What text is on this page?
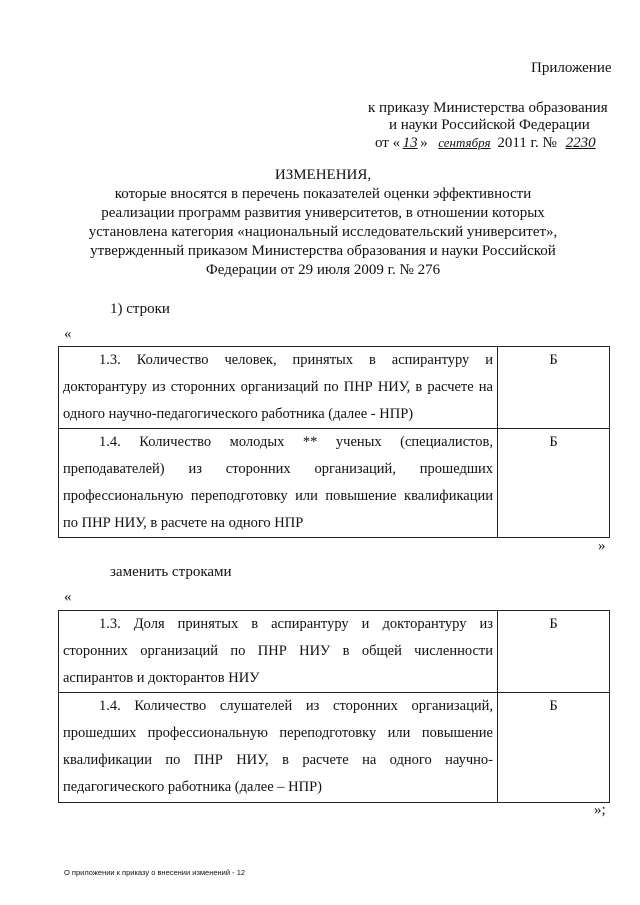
Приложение
к приказу Министерства образования
и науки Российской Федерации
от « 13 » сентября 2011 г. № 2230
ИЗМЕНЕНИЯ,
которые вносятся в перечень показателей оценки эффективности
реализации программ развития университетов, в отношении которых
установлена категория «национальный исследовательский университет»,
утвержденный приказом Министерства образования и науки Российской
Федерации от 29 июля 2009 г. № 276
1) строки
«

1.3. Количество человек, принятых в аспирантуру и докторантуру из сторонних организаций по ПНР НИУ, в расчете на одного научно-педагогического работника (далее - НПР)	Б

1.4. Количество молодых ** ученых (специалистов, преподавателей) из сторонних организаций, прошедших профессиональную переподготовку или повышение квалификации по ПНР НИУ, в расчете на одного НПР	Б
»
заменить строками
«

1.3. Доля принятых в аспирантуру и докторантуру из сторонних организаций по ПНР НИУ в общей численности аспирантов и докторантов НИУ	Б

1.4. Количество слушателей из сторонних организаций, прошедших профессиональную переподготовку или повышение квалификации по ПНР НИУ, в расчете на одного научно-педагогического работника (далее – НПР)	Б
»;
О приложении к приказу о внесении изменений - 12
